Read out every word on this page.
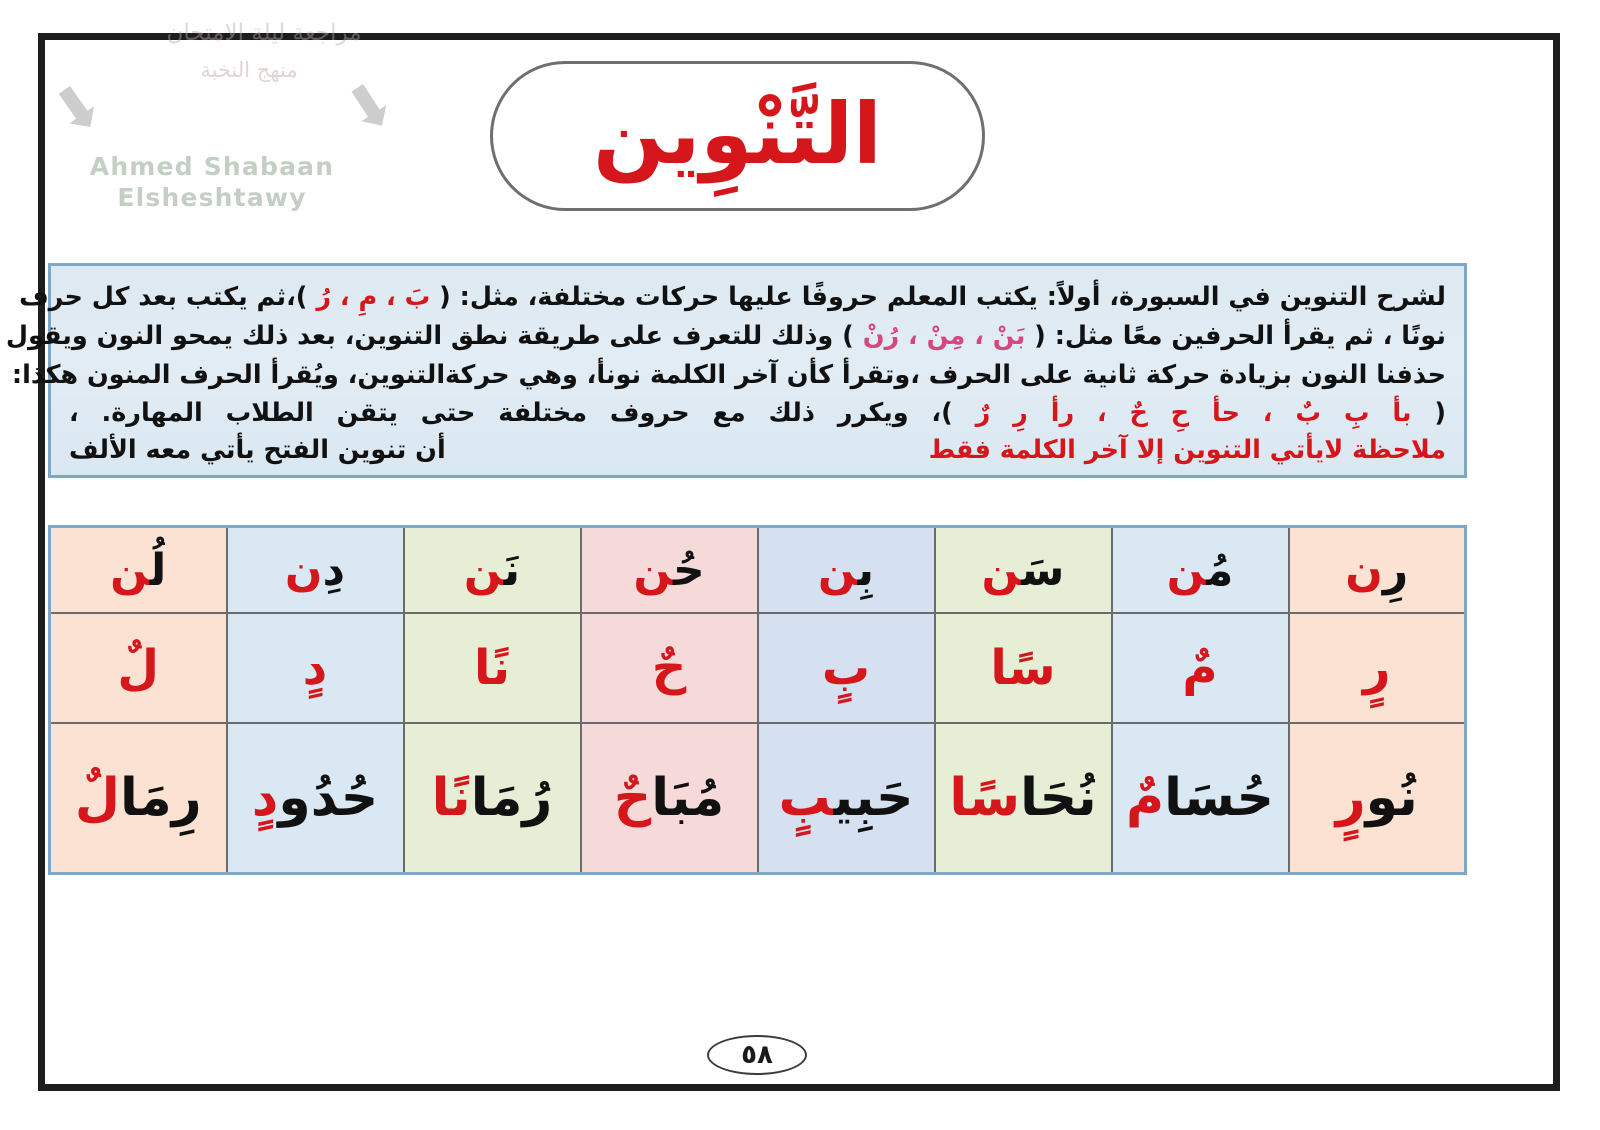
مراجعة ليلة الامتحان
منهج النخبة
⬋	⬊
Ahmed Shabaan Elsheshtawy
التَّنْوِين
لشرح التنوين في السبورة، أولاً: يكتب المعلم حروفًا عليها حركات مختلفة، مثل: ( بَ ، مِ ، رُ )،ثم يكتب بعد كل حرف
نونًا ، ثم يقرأ الحرفين معًا مثل: ( بَنْ ، مِنْ ، رُنْ ) وذلك للتعرف على طريقة نطق التنوين، بعد ذلك يمحو النون ويقول
حذفنا النون بزيادة حركة ثانية على الحرف ،وتقرأ كأن آخر الكلمة نونأ، وهي حركةالتنوين، ويُقرأ الحرف المنون هكذا:
( بأ بِ بٌ ، حأ حِ حٌ ، رأ رِ رٌ )، ويكرر ذلك مع حروف مختلفة حتى يتقن الطلاب المهارة. ،
أن تنوين الفتح يأتي معه الألف	ملاحظة لايأتي التنوين إلا آخر الكلمة فقط
رِن	مُن	سَن	بِن	حُن	نَن	دِن	لُن
رٍ	مٌ	سًا	بٍ	حٌ	نًا	دٍ	لٌ
نُورٍ	حُسَامٌ	نُحَاسًا	حَبِيبٍ	مُبَاحٌ	رُمَانًا	حُدُودٍ	رِمَالٌ
٥٨
